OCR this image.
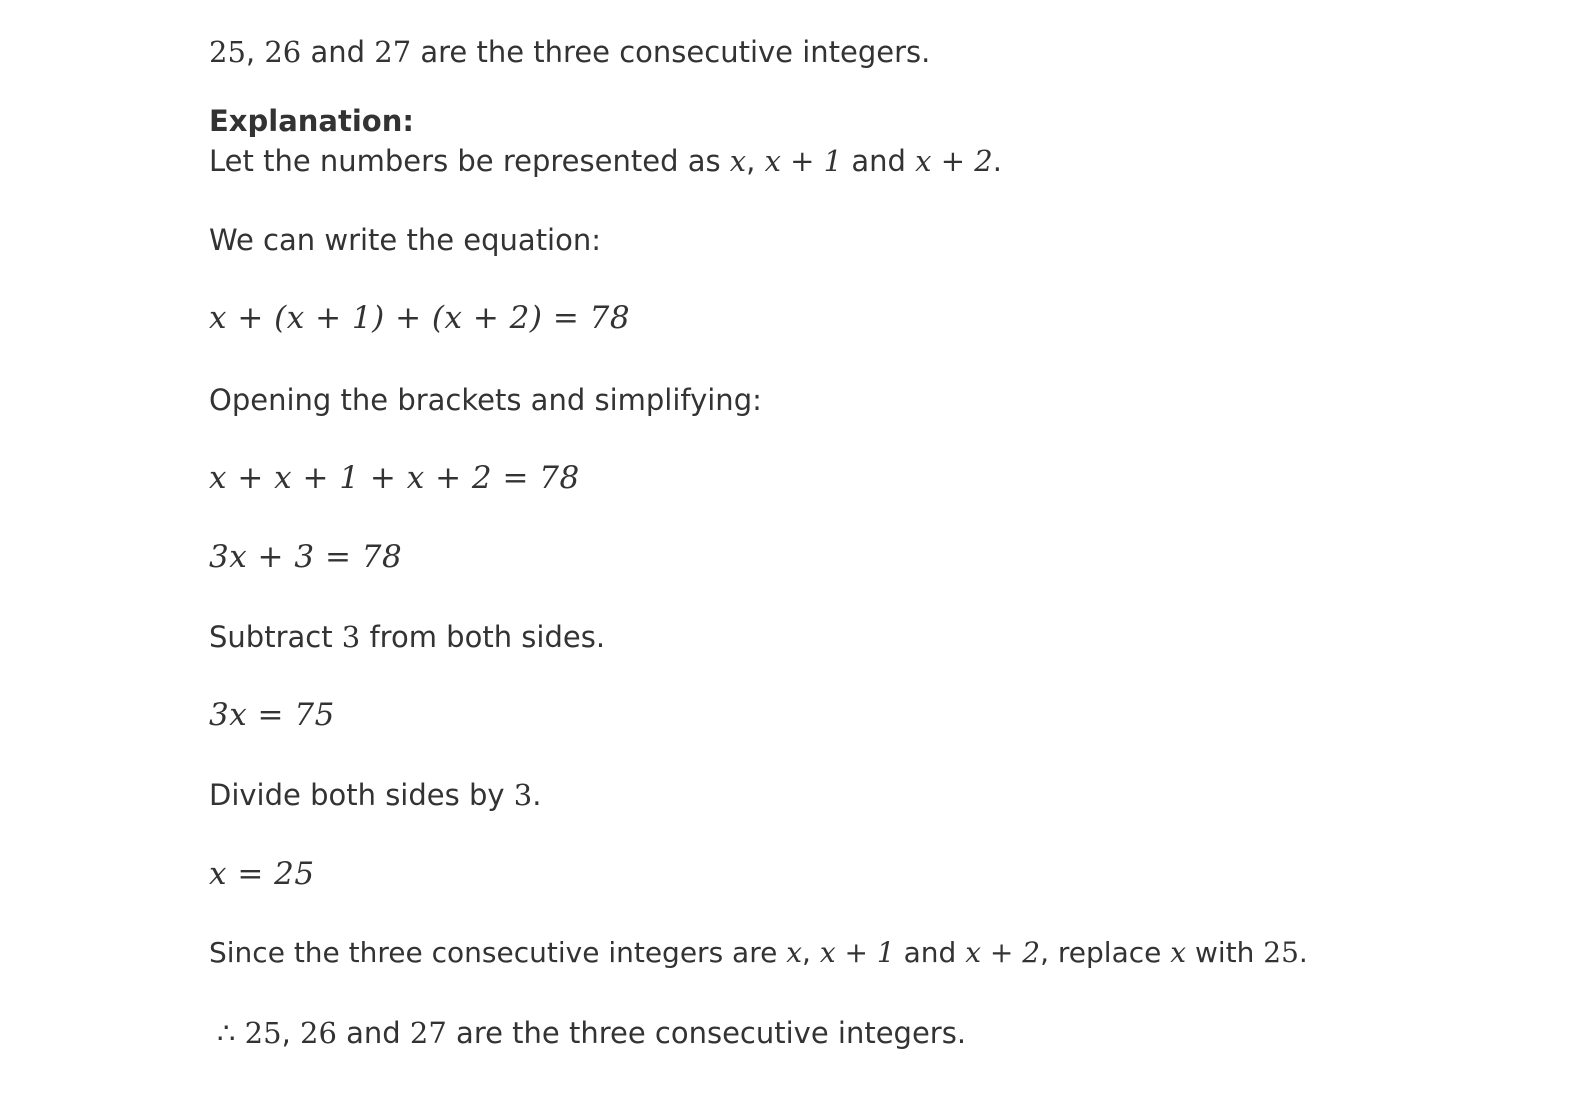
25, 26 and 27 are the three consecutive integers.
Explanation:
Let the numbers be represented as x, x + 1 and x + 2.
We can write the equation:
x + (x + 1) + (x + 2) = 78
Opening the brackets and simplifying:
x + x + 1 + x + 2 = 78
3x + 3 = 78
Subtract 3 from both sides.
3x = 75
Divide both sides by 3.
x = 25
Since the three consecutive integers are x, x + 1 and x + 2, replace x with 25.
∴ 25, 26 and 27 are the three consecutive integers.
